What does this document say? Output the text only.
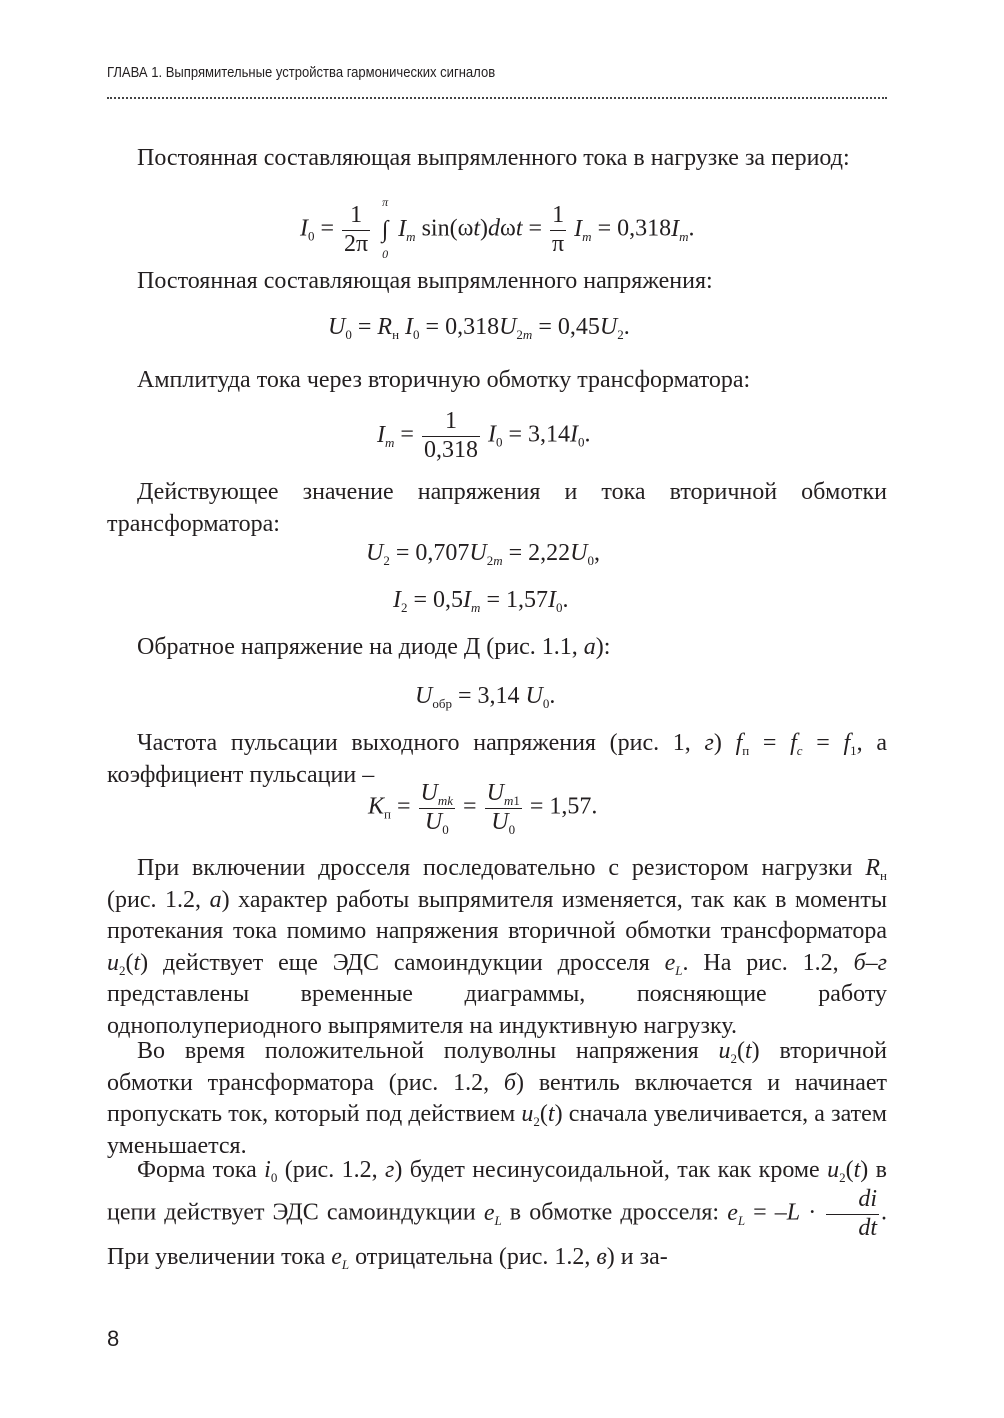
ГЛАВА 1. Выпрямительные устройства гармонических сигналов

Постоянная составляющая выпрямленного тока в нагрузке за период:

$I_0 = \frac{1}{2\pi}$

π
∫
0
$I_m$ $\sin(\omega t)d\omega t = \frac{1}{\pi} I_m = 0,318I_m$.

Постоянная составляющая выпрямленного напряжения:

$U_0 = R_н$ $I_0 = 0,318U_{2m} = 0,45U_2$.

Амплитуда тока через вторичную обмотку трансформатора:

$I_m = \frac{1}{0,318} I_0 = 3,14I_0$.

Действующее значение напряжения и тока вторичной обмотки трансформатора:

$U_2 = 0,707U_{2m} = 2,22U_0$,
$I_2 = 0,5I_m = 1,57I_0$.

Обратное напряжение на диоде Д (рис. 1.1, а):

$U_{обр} = 3,14$ $U_0$.

Частота пульсации выходного напряжения (рис. 1, г) $f_п = f_c = f_1$, а коэффициент пульсации –

$K_п = \frac{U_{mk}}{U_0} = \frac{U_{m1}}{U_0} = 1,57$.

При включении дросселя последовательно с резистором нагрузки $R_н$ (рис. 1.2, а) характер работы выпрямителя изменяется, так как в моменты протекания тока помимо напряжения вторичной обмотки трансформатора $u_2(t)$ действует еще ЭДС самоиндукции дросселя $e_L$. На рис. 1.2, б–г представлены временные диаграммы, поясняющие работу однополупериодного выпрямителя на индуктивную нагрузку.

Во время положительной полуволны напряжения $u_2(t)$ вторичной обмотки трансформатора (рис. 1.2, б) вентиль включается и начинает пропускать ток, который под действием $u_2(t)$ сначала увеличивается, а затем уменьшается.

Форма тока $i_0$ (рис. 1.2, г) будет несинусоидальной, так как кроме $u_2(t)$ в цепи действует ЭДС самоиндукции $e_L$ в обмотке дросселя: $e_L = -L \cdot \frac{di}{dt}$ . При увеличении тока $e_L$ отрицательна (рис. 1.2, в) и за-

8
